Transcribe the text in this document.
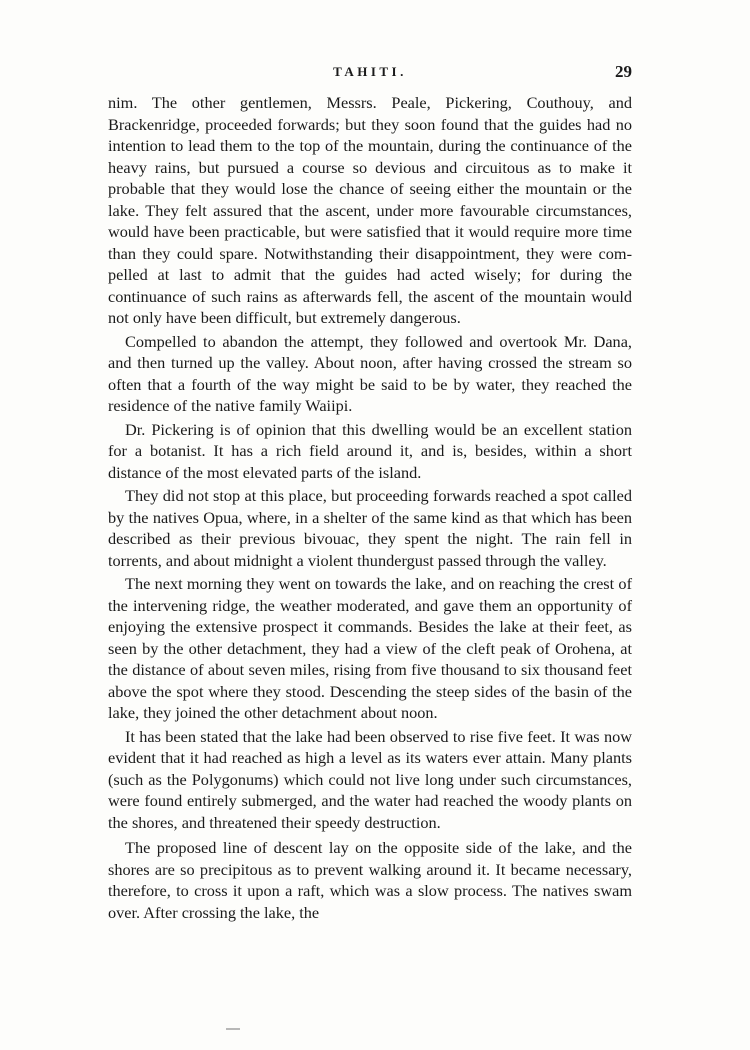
TAHITI.	29

nim. The other gentlemen, Messrs. Peale, Pickering, Couthouy, and Brackenridge, proceeded forwards; but they soon found that the guides had no intention to lead them to the top of the mountain, during the continuance of the heavy rains, but pursued a course so devious and circuitous as to make it probable that they would lose the chance of seeing either the mountain or the lake. They felt assured that the ascent, under more favourable circumstances, would have been practicable, but were satisfied that it would require more time than they could spare. Notwithstanding their disappointment, they were compelled at last to admit that the guides had acted wisely; for during the continuance of such rains as afterwards fell, the ascent of the mountain would not only have been difficult, but extremely dangerous.

Compelled to abandon the attempt, they followed and overtook Mr. Dana, and then turned up the valley. About noon, after having crossed the stream so often that a fourth of the way might be said to be by water, they reached the residence of the native family Waiipi.

Dr. Pickering is of opinion that this dwelling would be an excellent station for a botanist. It has a rich field around it, and is, besides, within a short distance of the most elevated parts of the island.

They did not stop at this place, but proceeding forwards reached a spot called by the natives Opua, where, in a shelter of the same kind as that which has been described as their previous bivouac, they spent the night. The rain fell in torrents, and about midnight a violent thundergust passed through the valley.

The next morning they went on towards the lake, and on reaching the crest of the intervening ridge, the weather moderated, and gave them an opportunity of enjoying the extensive prospect it commands. Besides the lake at their feet, as seen by the other detachment, they had a view of the cleft peak of Orohena, at the distance of about seven miles, rising from five thousand to six thousand feet above the spot where they stood. Descending the steep sides of the basin of the lake, they joined the other detachment about noon.

It has been stated that the lake had been observed to rise five feet. It was now evident that it had reached as high a level as its waters ever attain. Many plants (such as the Polygonums) which could not live long under such circumstances, were found entirely submerged, and the water had reached the woody plants on the shores, and threatened their speedy destruction.

The proposed line of descent lay on the opposite side of the lake, and the shores are so precipitous as to prevent walking around it. It became necessary, therefore, to cross it upon a raft, which was a slow process. The natives swam over. After crossing the lake, the
